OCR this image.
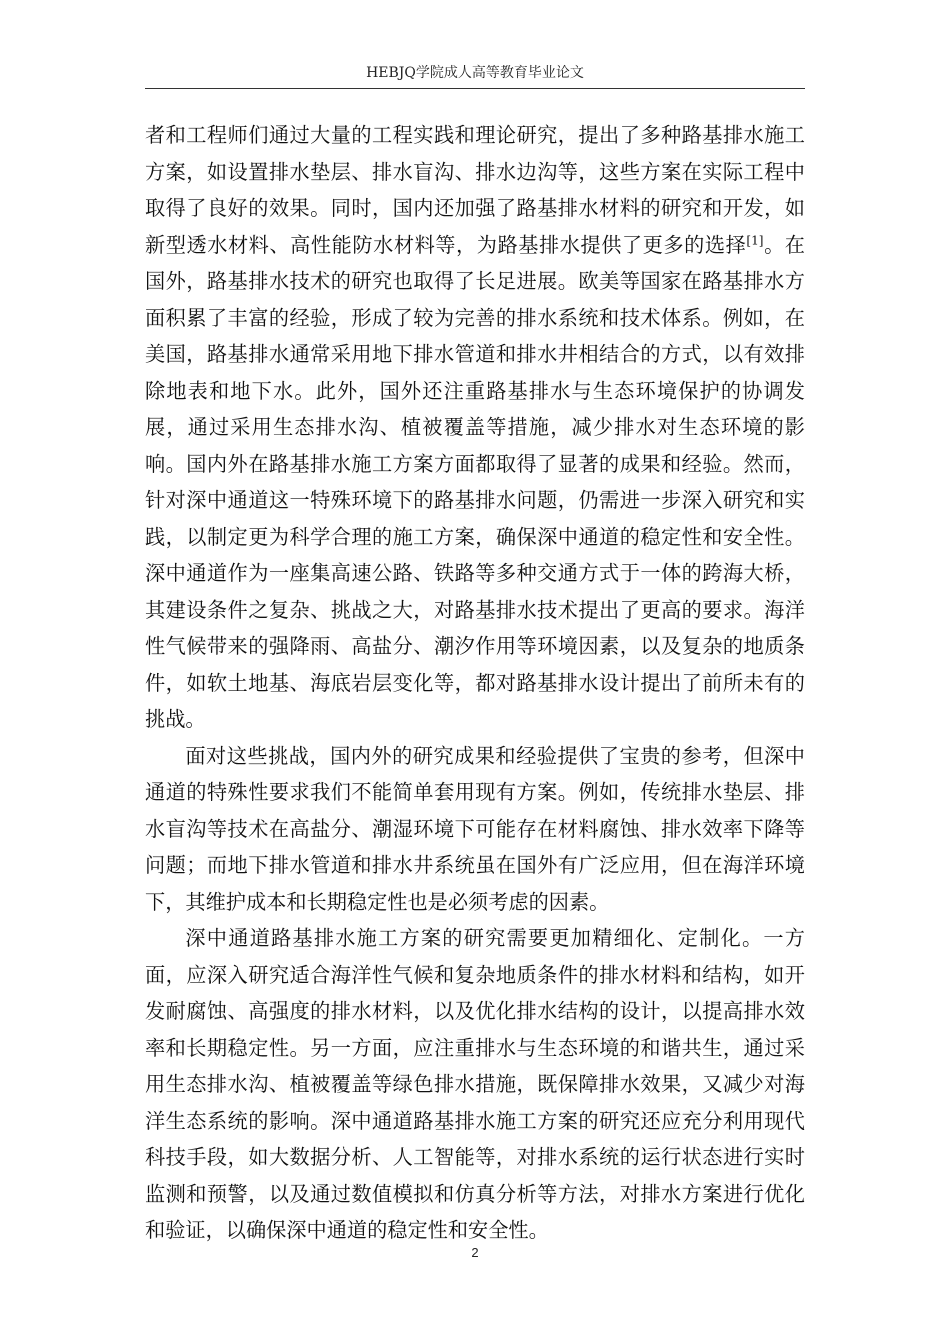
HEBJQ学院成人高等教育毕业论文

者和工程师们通过大量的工程实践和理论研究，提出了多种路基排水施工方案，如设置排水垫层、排水盲沟、排水边沟等，这些方案在实际工程中取得了良好的效果。同时，国内还加强了路基排水材料的研究和开发，如新型透水材料、高性能防水材料等，为路基排水提供了更多的选择[1]。在国外，路基排水技术的研究也取得了长足进展。欧美等国家在路基排水方面积累了丰富的经验，形成了较为完善的排水系统和技术体系。例如，在美国，路基排水通常采用地下排水管道和排水井相结合的方式，以有效排除地表和地下水。此外，国外还注重路基排水与生态环境保护的协调发展，通过采用生态排水沟、植被覆盖等措施，减少排水对生态环境的影响。国内外在路基排水施工方案方面都取得了显著的成果和经验。然而，针对深中通道这一特殊环境下的路基排水问题，仍需进一步深入研究和实践，以制定更为科学合理的施工方案，确保深中通道的稳定性和安全性。深中通道作为一座集高速公路、铁路等多种交通方式于一体的跨海大桥，其建设条件之复杂、挑战之大，对路基排水技术提出了更高的要求。海洋性气候带来的强降雨、高盐分、潮汐作用等环境因素，以及复杂的地质条件，如软土地基、海底岩层变化等，都对路基排水设计提出了前所未有的挑战。

面对这些挑战，国内外的研究成果和经验提供了宝贵的参考，但深中通道的特殊性要求我们不能简单套用现有方案。例如，传统排水垫层、排水盲沟等技术在高盐分、潮湿环境下可能存在材料腐蚀、排水效率下降等问题；而地下排水管道和排水井系统虽在国外有广泛应用，但在海洋环境下，其维护成本和长期稳定性也是必须考虑的因素。

深中通道路基排水施工方案的研究需要更加精细化、定制化。一方面，应深入研究适合海洋性气候和复杂地质条件的排水材料和结构，如开发耐腐蚀、高强度的排水材料，以及优化排水结构的设计，以提高排水效率和长期稳定性。另一方面，应注重排水与生态环境的和谐共生，通过采用生态排水沟、植被覆盖等绿色排水措施，既保障排水效果，又减少对海洋生态系统的影响。深中通道路基排水施工方案的研究还应充分利用现代科技手段，如大数据分析、人工智能等，对排水系统的运行状态进行实时监测和预警，以及通过数值模拟和仿真分析等方法，对排水方案进行优化和验证，以确保深中通道的稳定性和安全性。

2
